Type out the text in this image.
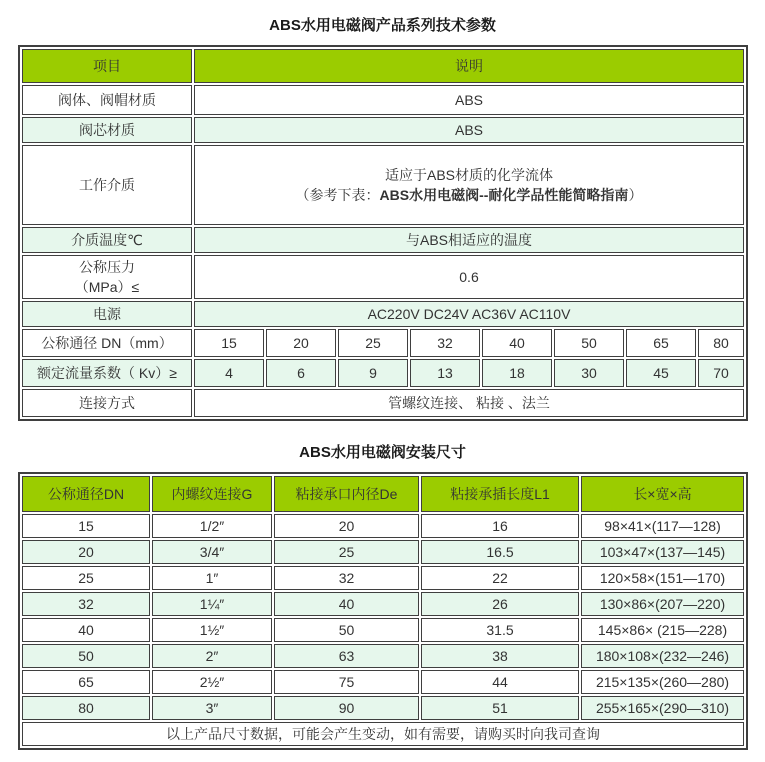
ABS水用电磁阀产品系列技术参数
项目	说明							
阀体、阀帽材质	ABS							
阀芯材质	ABS							
工作介质	适应于ABS材质的化学流体
（参考下表：ABS水用电磁阀--耐化学品性能简略指南）							

介质温度℃	与ABS相适应的温度							

公称压力
（MPa）≤	0.6							
电源	AC220V DC24V AC36V AC110V							
公称通径 DN（mm）	15	20	25	32	40	50	65	80
额定流量系数（ Kv）≥	4	6	9	13	18	30	45	70
连接方式	管螺纹连接、 粘接 、法兰							
ABS水用电磁阀安装尺寸
公称通径DN	内螺纹连接G	粘接承口内径De	粘接承插长度L1	长×宽×高
15	1/2″	20	16	98×41×(117—128)
20	3/4″	25	16.5	103×47×(137—145)
25	1″	32	22	120×58×(151—170)
32	1¼″	40	26	130×86×(207—220)
40	1½″	50	31.5	145×86× (215—228)
50	2″	63	38	180×108×(232—246)
65	2½″	75	44	215×135×(260—280)
80	3″	90	51	255×165×(290—310)
以上产品尺寸数据，可能会产生变动，如有需要，请购买时向我司查询				
